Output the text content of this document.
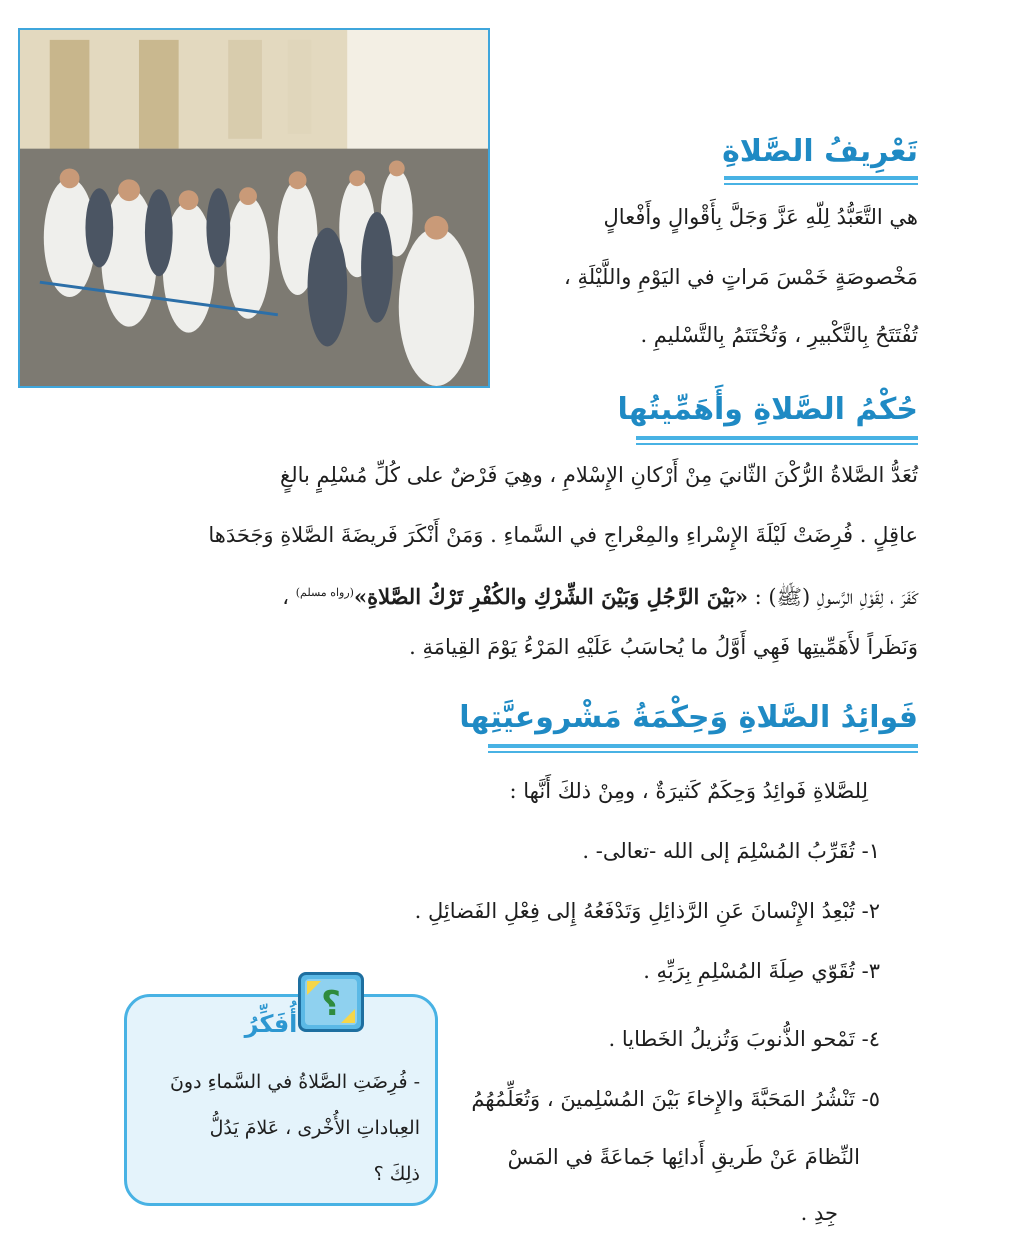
تَعْرِيفُ الصَّلاةِ
هي التَّعَبُّدُ لِلّهِ عَزَّ وَجَلَّ بِأَقْوالٍ وأَفْعالٍ
مَخْصوصَةٍ خَمْسَ مَراتٍ في اليَوْمِ واللَّيْلَةِ ،
تُفْتَتَحُ بِالتَّكْبيرِ ، وَتُخْتَتَمُ بِالتَّسْليمِ .
حُكْمُ الصَّلاةِ وأَهَمِّيتُها
تُعَدُّ الصَّلاةُ الرُّكْنَ الثّانيَ مِنْ أَرْكانِ الإِسْلامِ ، وهِيَ فَرْضٌ على كُلِّ مُسْلِمٍ بالغٍ
عاقِلٍ . فُرِضَتْ لَيْلَةَ الإِسْراءِ والمِعْراجِ في السَّماءِ . وَمَنْ أَنْكَرَ فَريضَةَ الصَّلاةِ وَجَحَدَها
كَفَرَ ، لِقَوْلِ الرَّسولِ (ﷺ) : «بَيْنَ الرَّجُلِ وَبَيْنَ الشِّرْكِ والكُفْرِ تَرْكُ الصَّلاةِ»$^{(رواه مسلم)}$ ،
وَنَظَراً لأَهَمِّيتِها فَهِي أَوَّلُ ما يُحاسَبُ عَلَيْهِ المَرْءُ يَوْمَ القِيامَةِ .
فَوائِدُ الصَّلاةِ وَحِكْمَةُ مَشْروعيَّتِها
لِلصَّلاةِ فَوائِدُ وَحِكَمٌ كَثيرَةٌ ، ومِنْ ذلكَ أَنَّها :
١- تُقَرِّبُ المُسْلِمَ إلى الله -تعالى- .
٢- تُبْعِدُ الإِنْسانَ عَنِ الرَّذائِلِ وَتَدْفَعُهُ إِلى فِعْلِ الفَضائِلِ .
٣- تُقَوّي صِلَةَ المُسْلِمِ بِرَبِّهِ .
٤- تَمْحو الذُّنوبَ وَتُزيلُ الخَطايا .
٥- تَنْشُرُ المَحَبَّةَ والإِخاءَ بَيْنَ المُسْلِمينَ ، وَتُعَلِّمُهُمُ
النِّظامَ عَنْ طَريقِ أَدائِها جَماعَةً في المَسْ
جِدِ .
؟
أُفَكِّرُ
- فُرِضَتِ الصَّلاةُ في السَّماءِ دونَ
العِباداتِ الأُخْرى ، عَلامَ يَدُلُّ
ذلِكَ ؟
